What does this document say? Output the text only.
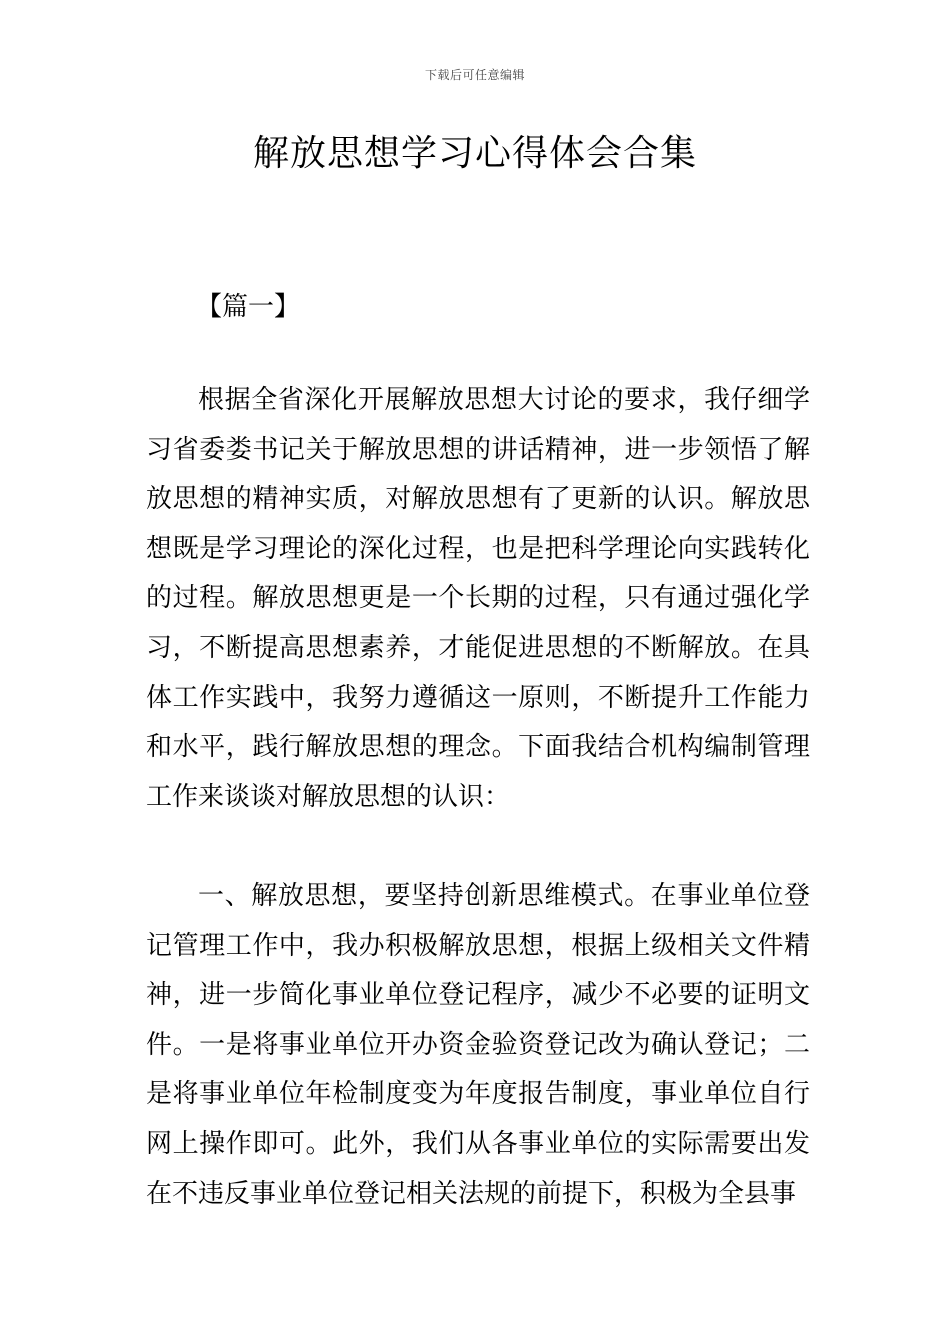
下载后可任意编辑
解放思想学习心得体会合集
【篇一】

根据全省深化开展解放思想大讨论的要求，我仔细学习省委娄书记关于解放思想的讲话精神，进一步领悟了解放思想的精神实质，对解放思想有了更新的认识。解放思想既是学习理论的深化过程，也是把科学理论向实践转化的过程。解放思想更是一个长期的过程，只有通过强化学习，不断提高思想素养，才能促进思想的不断解放。在具体工作实践中，我努力遵循这一原则，不断提升工作能力和水平，践行解放思想的理念。下面我结合机构编制管理工作来谈谈对解放思想的认识：

一、解放思想，要坚持创新思维模式。在事业单位登记管理工作中，我办积极解放思想，根据上级相关文件精神，进一步简化事业单位登记程序，减少不必要的证明文件。一是将事业单位开办资金验资登记改为确认登记；二是将事业单位年检制度变为年度报告制度，事业单位自行网上操作即可。此外，我们从各事业单位的实际需要出发在不违反事业单位登记相关法规的前提下，积极为全县事
